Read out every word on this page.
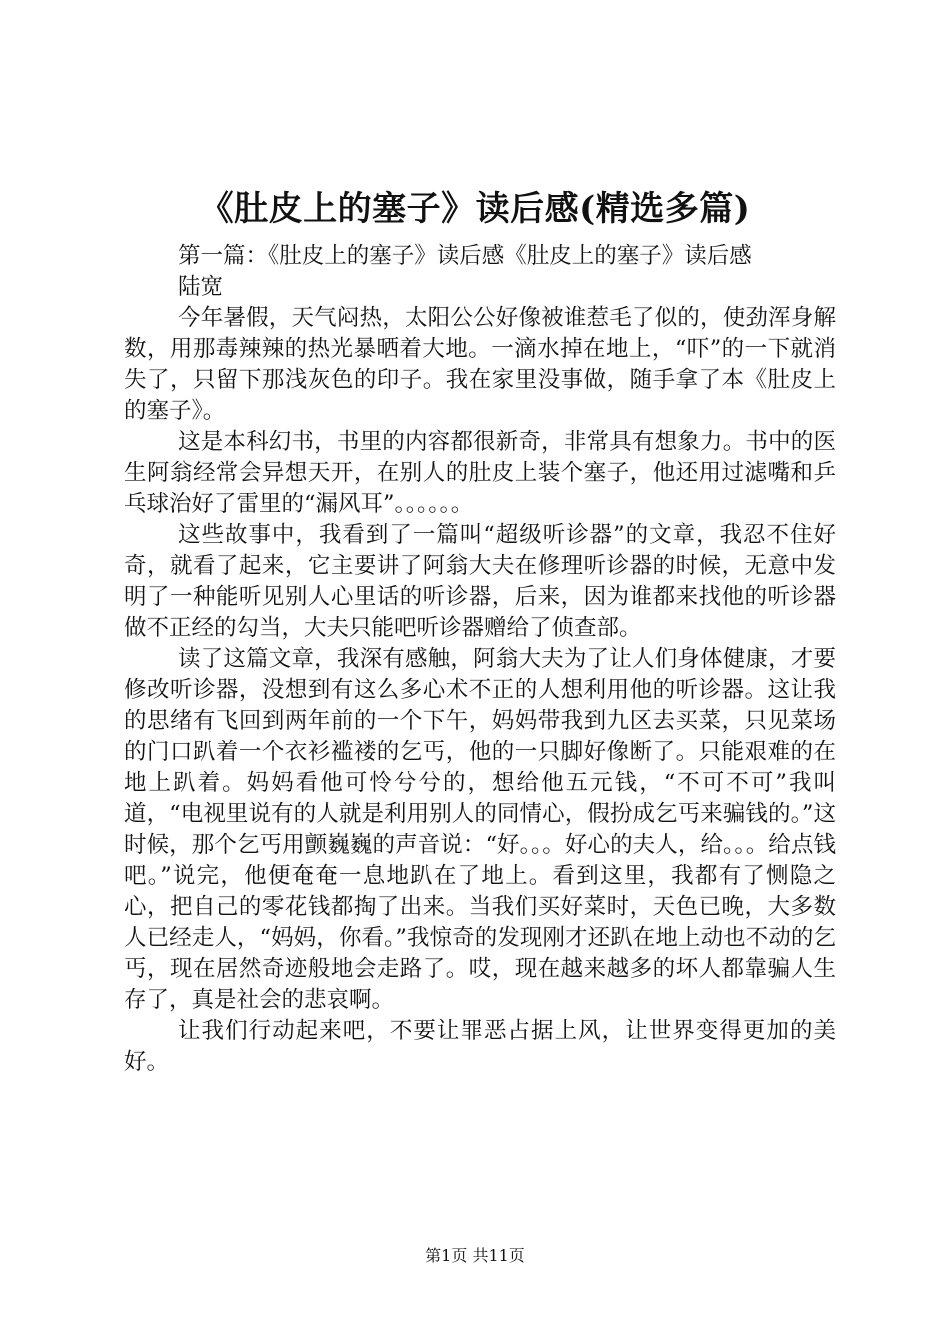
《肚皮上的塞子》读后感(精选多篇)

第一篇：《肚皮上的塞子》读后感《肚皮上的塞子》读后感

陆宽

今年暑假，天气闷热，太阳公公好像被谁惹毛了似的，使劲浑身解数，用那毒辣辣的热光暴晒着大地。一滴水掉在地上，“吓”的一下就消失了，只留下那浅灰色的印子。我在家里没事做，随手拿了本《肚皮上的塞子》。

这是本科幻书，书里的内容都很新奇，非常具有想象力。书中的医生阿翁经常会异想天开，在别人的肚皮上装个塞子，他还用过滤嘴和乒乓球治好了雷里的“漏风耳”。。。。。。

这些故事中，我看到了一篇叫“超级听诊器”的文章，我忍不住好奇，就看了起来，它主要讲了阿翁大夫在修理听诊器的时候，无意中发明了一种能听见别人心里话的听诊器，后来，因为谁都来找他的听诊器做不正经的勾当，大夫只能吧听诊器赠给了侦查部。

读了这篇文章，我深有感触，阿翁大夫为了让人们身体健康，才要修改听诊器，没想到有这么多心术不正的人想利用他的听诊器。这让我的思绪有飞回到两年前的一个下午，妈妈带我到九区去买菜，只见菜场的门口趴着一个衣衫褴褛的乞丐，他的一只脚好像断了。只能艰难的在地上趴着。妈妈看他可怜兮兮的，想给他五元钱，“不可不可”我叫道，“电视里说有的人就是利用别人的同情心，假扮成乞丐来骗钱的。”这时候，那个乞丐用颤巍巍的声音说：“好。。。好心的夫人，给。。。给点钱吧。”说完，他便奄奄一息地趴在了地上。看到这里，我都有了恻隐之心，把自己的零花钱都掏了出来。当我们买好菜时，天色已晚，大多数人已经走人，“妈妈，你看。”我惊奇的发现刚才还趴在地上动也不动的乞丐，现在居然奇迹般地会走路了。哎，现在越来越多的坏人都靠骗人生存了，真是社会的悲哀啊。

让我们行动起来吧，不要让罪恶占据上风，让世界变得更加的美好。

第1页 共11页
